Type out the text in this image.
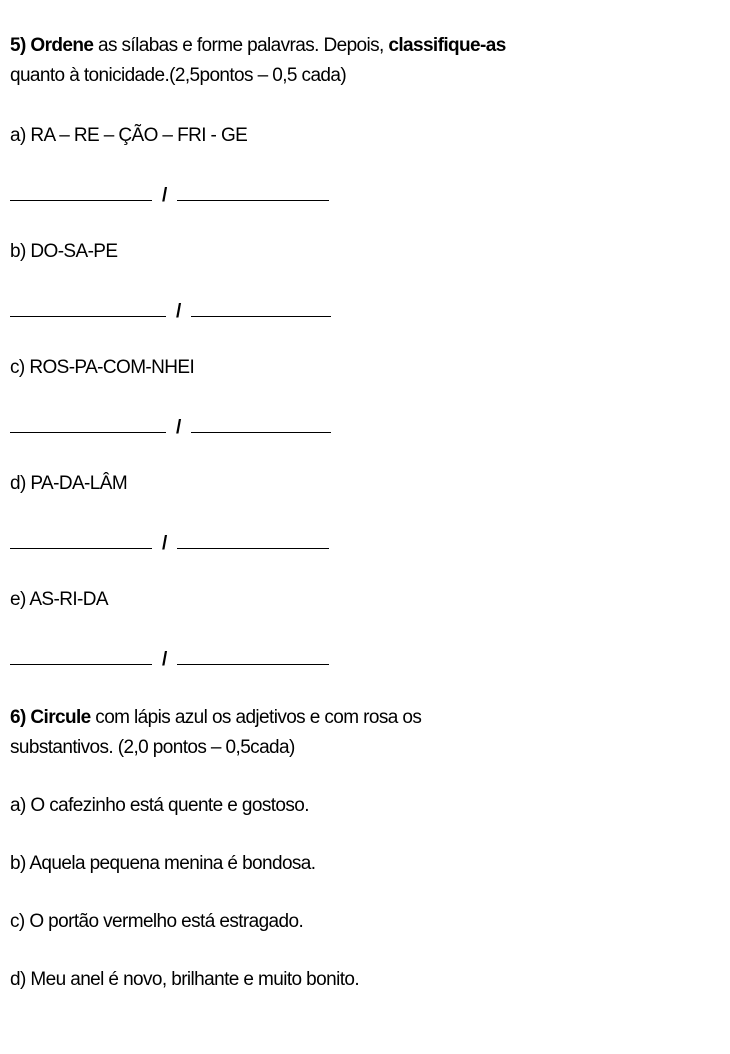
5) Ordene as sílabas e forme palavras. Depois, classifique-as
quanto à tonicidade.(2,5pontos – 0,5 cada)
a) RA – RE – ÇÃO – FRI - GE
/
b) DO-SA-PE
/
c) ROS-PA-COM-NHEI
/
d) PA-DA-LÂM
/
e) AS-RI-DA
/
6) Circule com lápis azul os adjetivos e com rosa os
substantivos. (2,0 pontos – 0,5cada)
a) O cafezinho está quente e gostoso.
b) Aquela pequena menina é bondosa.
c) O portão vermelho está estragado.
d) Meu anel é novo, brilhante e muito bonito.
